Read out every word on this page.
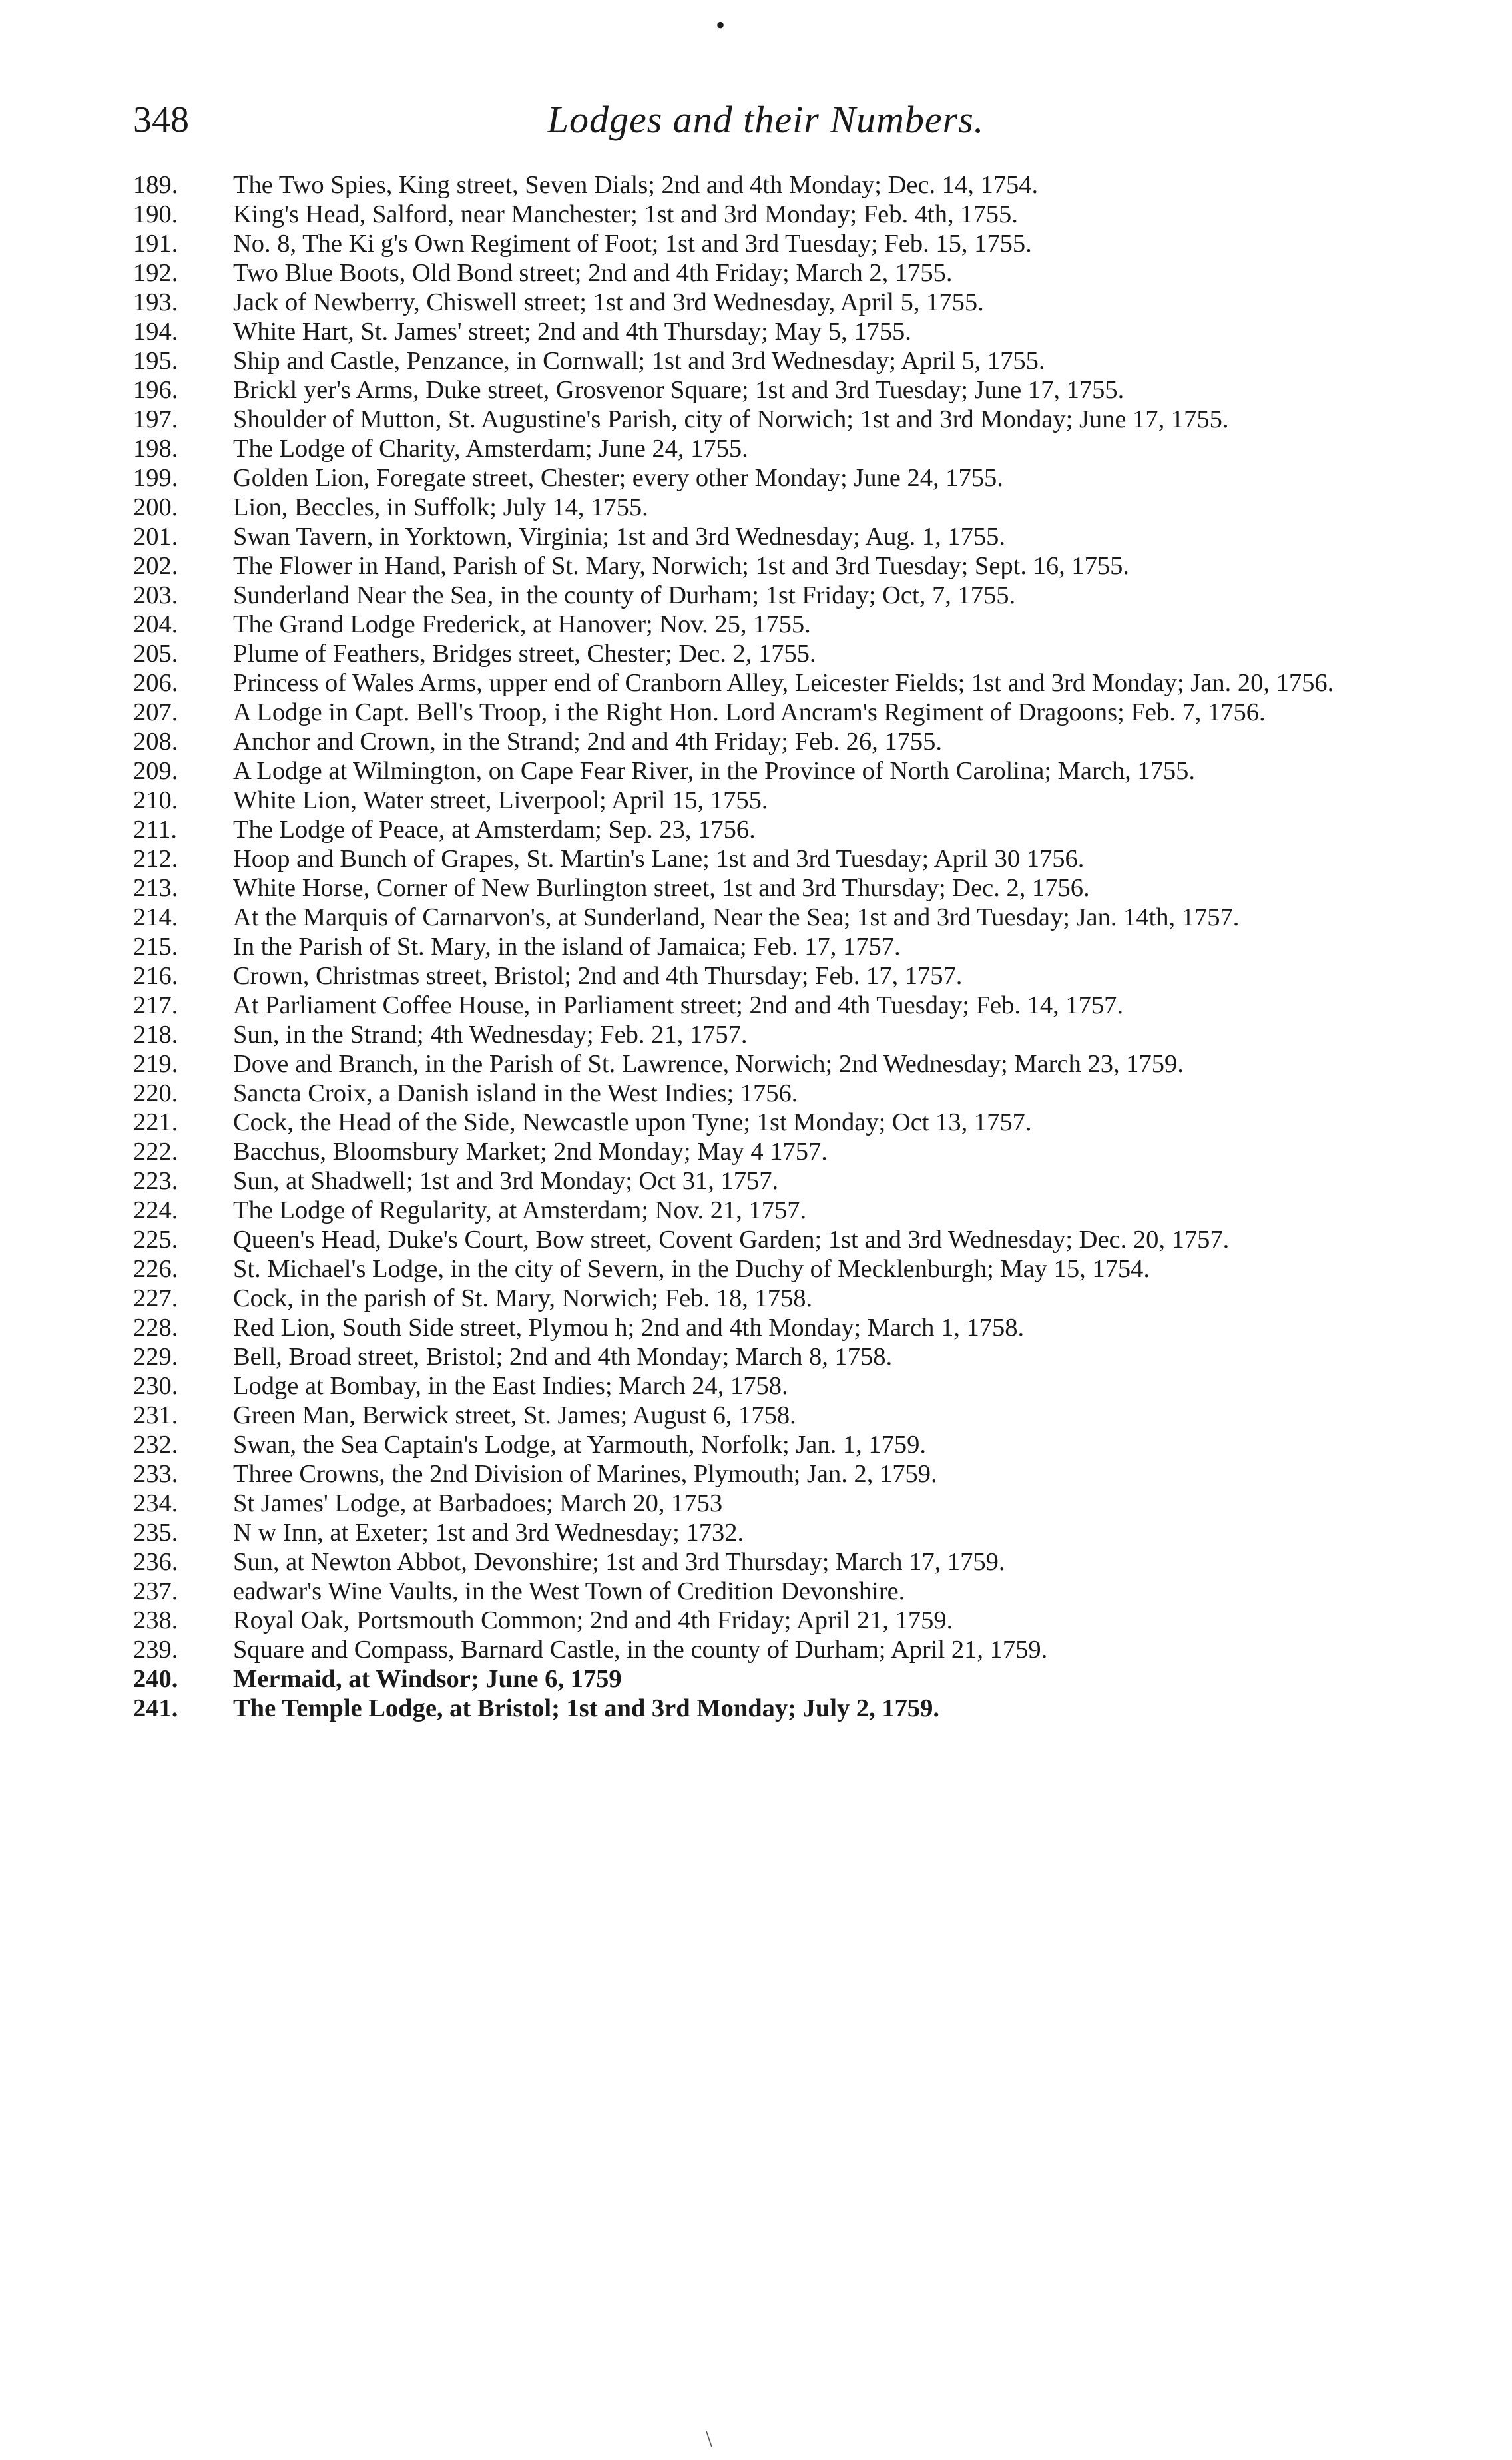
•
348	Lodges and their Numbers.
189.	The Two Spies, King street, Seven Dials; 2nd and 4th Monday; Dec. 14, 1754.
190.	King's Head, Salford, near Manchester; 1st and 3rd Monday; Feb. 4th, 1755.
191.	No. 8, The Ki g's Own Regiment of Foot; 1st and 3rd Tuesday; Feb. 15, 1755.
192.	Two Blue Boots, Old Bond street; 2nd and 4th Friday; March 2, 1755.
193.	Jack of Newberry, Chiswell street; 1st and 3rd Wednesday, April 5, 1755.
194.	White Hart, St. James' street; 2nd and 4th Thursday; May 5, 1755.
195.	Ship and Castle, Penzance, in Cornwall; 1st and 3rd Wednesday; April 5, 1755.
196.	Brickl yer's Arms, Duke street, Grosvenor Square; 1st and 3rd Tuesday; June 17, 1755.
197.	Shoulder of Mutton, St. Augustine's Parish, city of Norwich; 1st and 3rd Monday; June 17, 1755.
198.	The Lodge of Charity, Amsterdam; June 24, 1755.
199.	Golden Lion, Foregate street, Chester; every other Monday; June 24, 1755.
200.	Lion, Beccles, in Suffolk; July 14, 1755.
201.	Swan Tavern, in Yorktown, Virginia; 1st and 3rd Wednesday; Aug. 1, 1755.
202.	The Flower in Hand, Parish of St. Mary, Norwich; 1st and 3rd Tuesday; Sept. 16, 1755.
203.	Sunderland Near the Sea, in the county of Durham; 1st Friday; Oct, 7, 1755.
204.	The Grand Lodge Frederick, at Hanover; Nov. 25, 1755.
205.	Plume of Feathers, Bridges street, Chester; Dec. 2, 1755.
206.	Princess of Wales Arms, upper end of Cranborn Alley, Leicester Fields; 1st and 3rd Monday; Jan. 20, 1756.
207.	A Lodge in Capt. Bell's Troop, i the Right Hon. Lord Ancram's Regiment of Dragoons; Feb. 7, 1756.
208.	Anchor and Crown, in the Strand; 2nd and 4th Friday; Feb. 26, 1755.
209.	A Lodge at Wilmington, on Cape Fear River, in the Province of North Carolina; March, 1755.
210.	White Lion, Water street, Liverpool; April 15, 1755.
211.	The Lodge of Peace, at Amsterdam; Sep. 23, 1756.
212.	Hoop and Bunch of Grapes, St. Martin's Lane; 1st and 3rd Tuesday; April 30 1756.
213.	White Horse, Corner of New Burlington street, 1st and 3rd Thursday; Dec. 2, 1756.
214.	At the Marquis of Carnarvon's, at Sunderland, Near the Sea; 1st and 3rd Tuesday; Jan. 14th, 1757.
215.	In the Parish of St. Mary, in the island of Jamaica; Feb. 17, 1757.
216.	Crown, Christmas street, Bristol; 2nd and 4th Thursday; Feb. 17, 1757.
217.	At Parliament Coffee House, in Parliament street; 2nd and 4th Tuesday; Feb. 14, 1757.
218.	Sun, in the Strand; 4th Wednesday; Feb. 21, 1757.
219.	Dove and Branch, in the Parish of St. Lawrence, Norwich; 2nd Wednesday; March 23, 1759.
220.	Sancta Croix, a Danish island in the West Indies; 1756.
221.	Cock, the Head of the Side, Newcastle upon Tyne; 1st Monday; Oct 13, 1757.
222.	Bacchus, Bloomsbury Market; 2nd Monday; May 4 1757.
223.	Sun, at Shadwell; 1st and 3rd Monday; Oct 31, 1757.
224.	The Lodge of Regularity, at Amsterdam; Nov. 21, 1757.
225.	Queen's Head, Duke's Court, Bow street, Covent Garden; 1st and 3rd Wednesday; Dec. 20, 1757.
226.	St. Michael's Lodge, in the city of Severn, in the Duchy of Mecklenburgh; May 15, 1754.
227.	Cock, in the parish of St. Mary, Norwich; Feb. 18, 1758.
228.	Red Lion, South Side street, Plymou h; 2nd and 4th Monday; March 1, 1758.
229.	Bell, Broad street, Bristol; 2nd and 4th Monday; March 8, 1758.
230.	Lodge at Bombay, in the East Indies; March 24, 1758.
231.	Green Man, Berwick street, St. James; August 6, 1758.
232.	Swan, the Sea Captain's Lodge, at Yarmouth, Norfolk; Jan. 1, 1759.
233.	Three Crowns, the 2nd Division of Marines, Plymouth; Jan. 2, 1759.
234.	St James' Lodge, at Barbadoes; March 20, 1753
235.	N w Inn, at Exeter; 1st and 3rd Wednesday; 1732.
236.	Sun, at Newton Abbot, Devonshire; 1st and 3rd Thursday; March 17, 1759.
237.	eadwar's Wine Vaults, in the West Town of Credition Devonshire.
238.	Royal Oak, Portsmouth Common; 2nd and 4th Friday; April 21, 1759.
239.	Square and Compass, Barnard Castle, in the county of Durham; April 21, 1759.
240.	Mermaid, at Windsor; June 6, 1759
241.	The Temple Lodge, at Bristol; 1st and 3rd Monday; July 2, 1759.
\
